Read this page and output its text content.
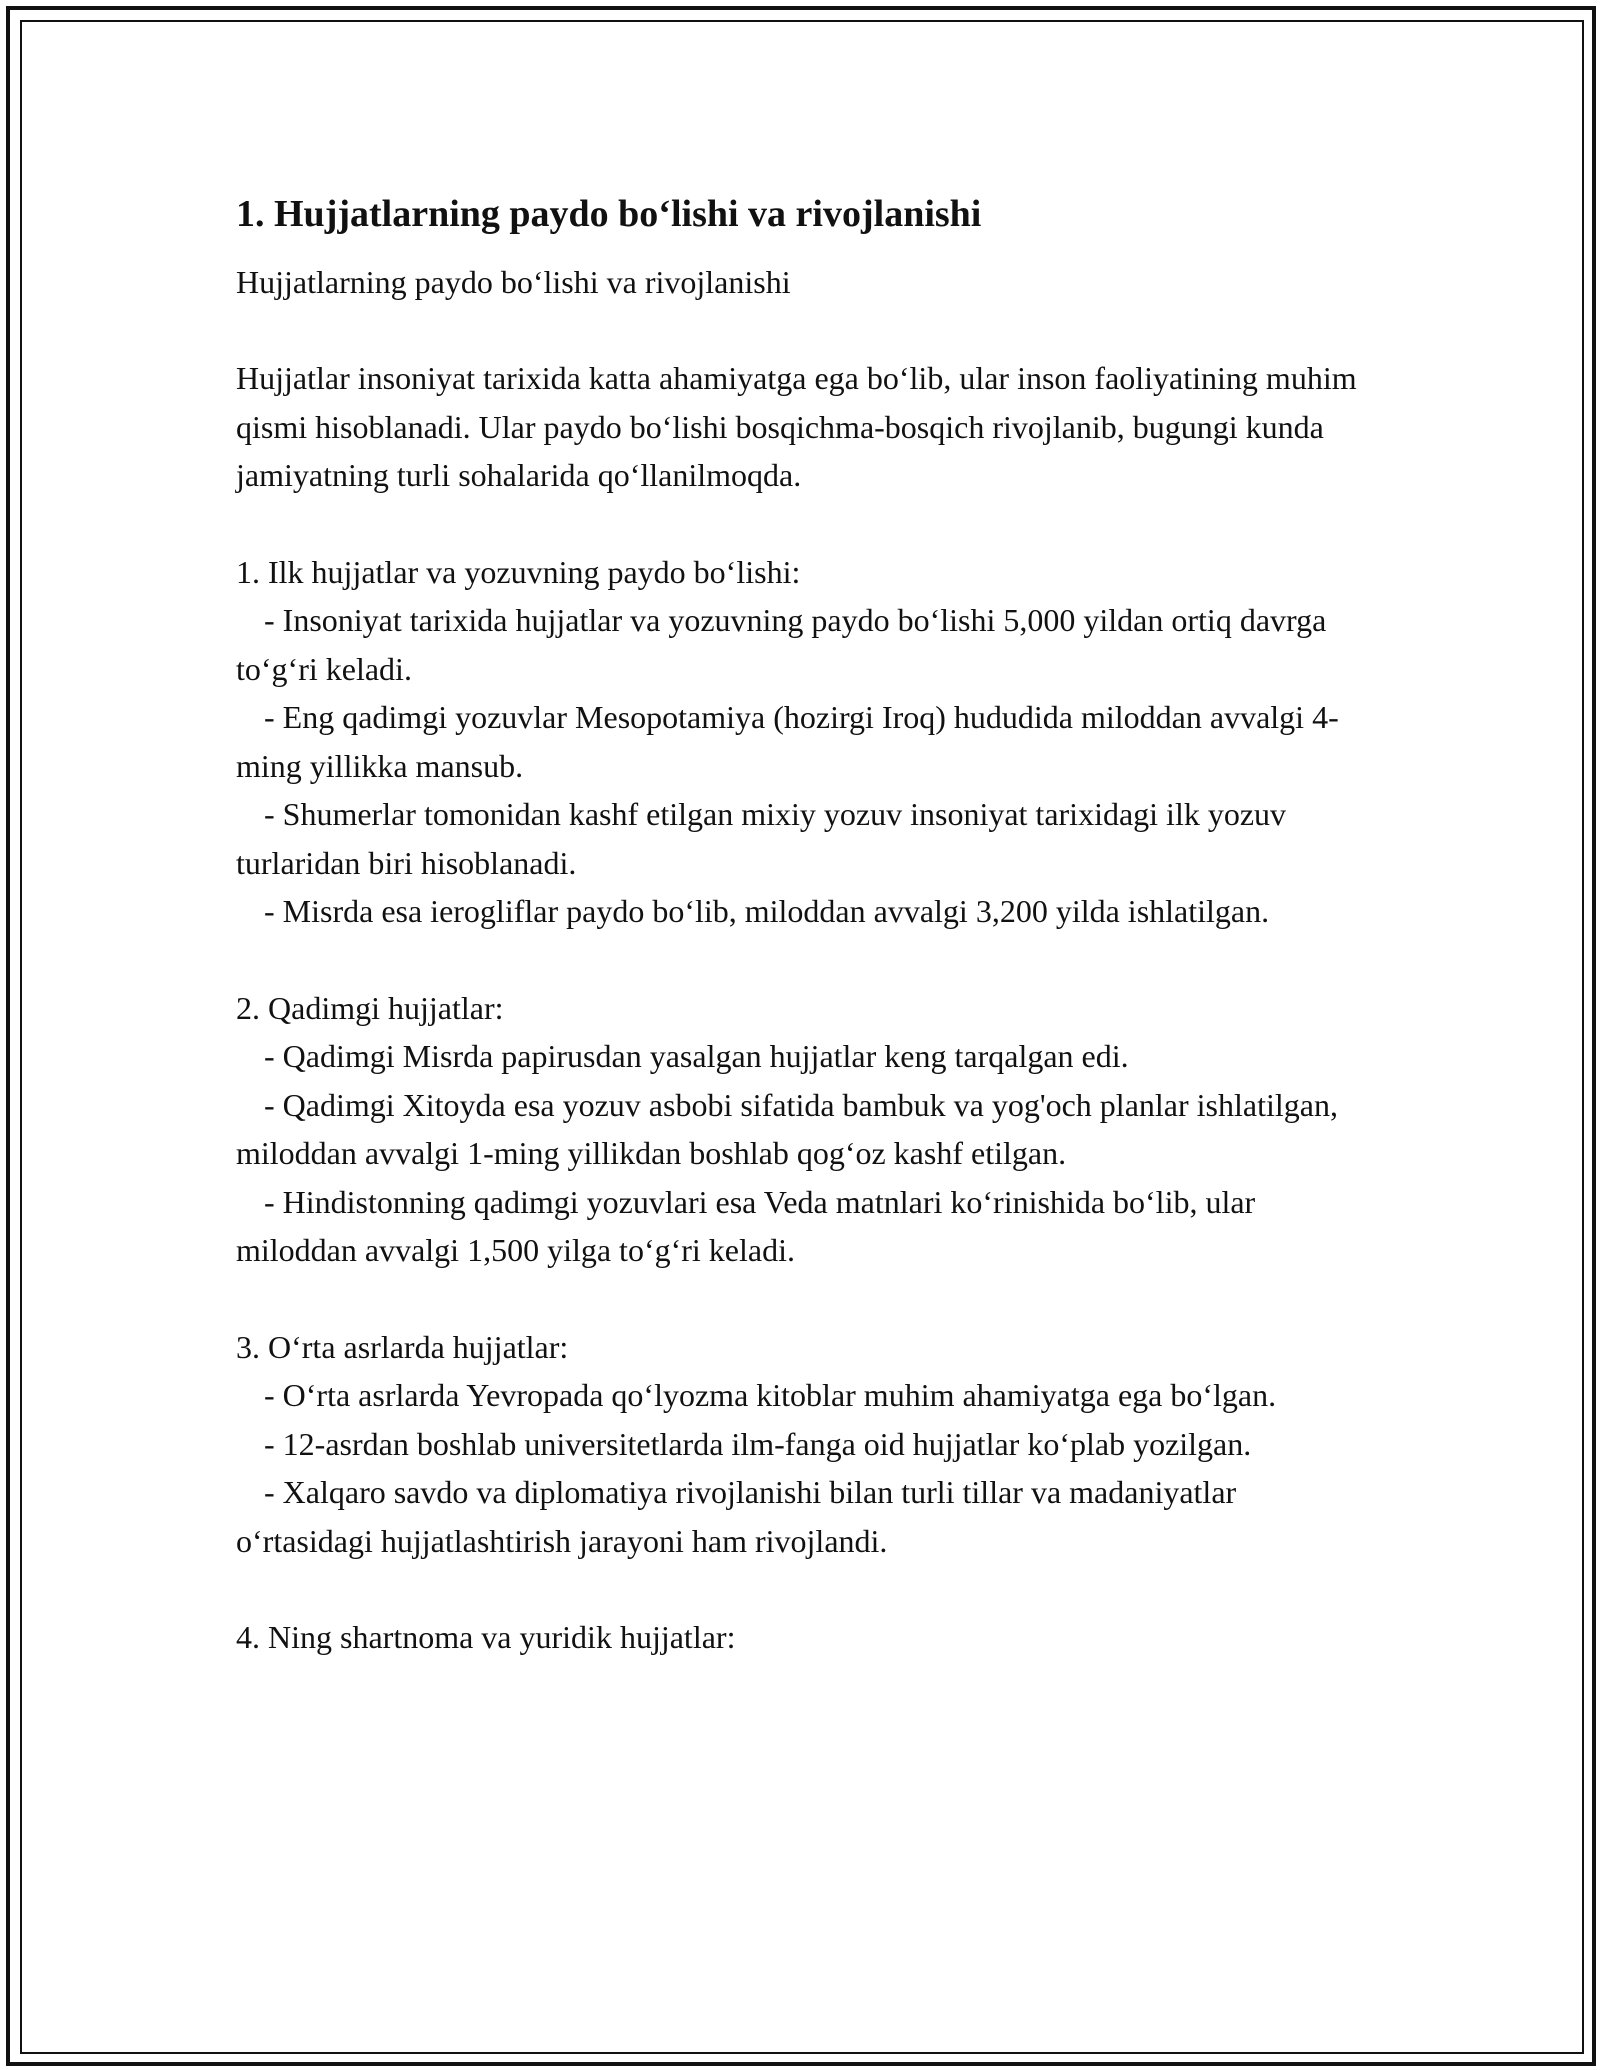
1. Hujjatlarning paydo bo‘lishi va rivojlanishi
Hujjatlarning paydo bo‘lishi va rivojlanishi
Hujjatlar insoniyat tarixida katta ahamiyatga ega bo‘lib, ular inson faoliyatining muhim qismi hisoblanadi. Ular paydo bo‘lishi bosqichma-bosqich rivojlanib, bugungi kunda jamiyatning turli sohalarida qo‘llanilmoqda.
1. Ilk hujjatlar va yozuvning paydo bo‘lishi:
- Insoniyat tarixida hujjatlar va yozuvning paydo bo‘lishi 5,000 yildan ortiq davrga to‘g‘ri keladi.
- Eng qadimgi yozuvlar Mesopotamiya (hozirgi Iroq) hududida miloddan avvalgi 4-ming yillikka mansub.
- Shumerlar tomonidan kashf etilgan mixiy yozuv insoniyat tarixidagi ilk yozuv turlaridan biri hisoblanadi.
- Misrda esa ierogliflar paydo bo‘lib, miloddan avvalgi 3,200 yilda ishlatilgan.
2. Qadimgi hujjatlar:
- Qadimgi Misrda papirusdan yasalgan hujjatlar keng tarqalgan edi.
- Qadimgi Xitoyda esa yozuv asbobi sifatida bambuk va yog'och planlar ishlatilgan, miloddan avvalgi 1-ming yillikdan boshlab qog‘oz kashf etilgan.
- Hindistonning qadimgi yozuvlari esa Veda matnlari ko‘rinishida bo‘lib, ular miloddan avvalgi 1,500 yilga to‘g‘ri keladi.
3. O‘rta asrlarda hujjatlar:
- O‘rta asrlarda Yevropada qo‘lyozma kitoblar muhim ahamiyatga ega bo‘lgan.
- 12-asrdan boshlab universitetlarda ilm-fanga oid hujjatlar ko‘plab yozilgan.
- Xalqaro savdo va diplomatiya rivojlanishi bilan turli tillar va madaniyatlar o‘rtasidagi hujjatlashtirish jarayoni ham rivojlandi.
4. Ning shartnoma va yuridik hujjatlar:
